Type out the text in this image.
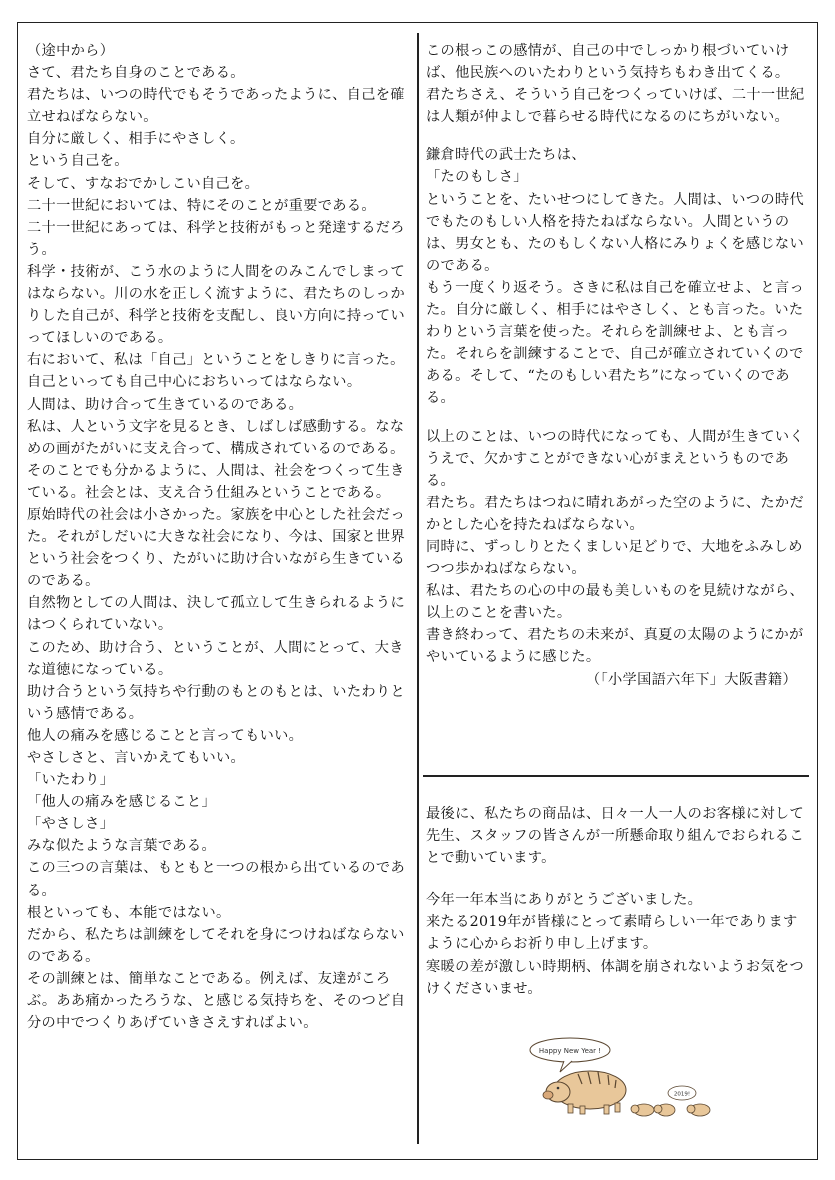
（途中から）

さて、君たち自身のことである。

君たちは、いつの時代でもそうであったように、自己を確立せねばならない。

自分に厳しく、相手にやさしく。

という自己を。

そして、すなおでかしこい自己を。

二十一世紀においては、特にそのことが重要である。

二十一世紀にあっては、科学と技術がもっと発達するだろう。

科学・技術が、こう水のように人間をのみこんでしまってはならない。川の水を正しく流すように、君たちのしっかりした自己が、科学と技術を支配し、良い方向に持っていってほしいのである。

右において、私は「自己」ということをしきりに言った。

自己といっても自己中心におちいってはならない。

人間は、助け合って生きているのである。

私は、人という文字を見るとき、しばしば感動する。ななめの画がたがいに支え合って、構成されているのである。

そのことでも分かるように、人間は、社会をつくって生きている。社会とは、支え合う仕組みということである。

原始時代の社会は小さかった。家族を中心とした社会だった。それがしだいに大きな社会になり、今は、国家と世界という社会をつくり、たがいに助け合いながら生きているのである。

自然物としての人間は、決して孤立して生きられるようにはつくられていない。

このため、助け合う、ということが、人間にとって、大きな道徳になっている。

助け合うという気持ちや行動のもとのもとは、いたわりという感情である。

他人の痛みを感じることと言ってもいい。

やさしさと、言いかえてもいい。

「いたわり」

「他人の痛みを感じること」

「やさしさ」

みな似たような言葉である。

この三つの言葉は、もともと一つの根から出ているのである。

根といっても、本能ではない。

だから、私たちは訓練をしてそれを身につけねばならないのである。

その訓練とは、簡単なことである。例えば、友達がころぶ。ああ痛かったろうな、と感じる気持ちを、そのつど自分の中でつくりあげていきさえすればよい。

この根っこの感情が、自己の中でしっかり根づいていけば、他民族へのいたわりという気持ちもわき出てくる。

君たちさえ、そういう自己をつくっていけば、二十一世紀は人類が仲よしで暮らせる時代になるのにちがいない。

鎌倉時代の武士たちは、

「たのもしさ」

ということを、たいせつにしてきた。人間は、いつの時代でもたのもしい人格を持たねばならない。人間というのは、男女とも、たのもしくない人格にみりょくを感じないのである。

もう一度くり返そう。さきに私は自己を確立せよ、と言った。自分に厳しく、相手にはやさしく、とも言った。いたわりという言葉を使った。それらを訓練せよ、とも言った。それらを訓練することで、自己が確立されていくのである。そして、“たのもしい君たち”になっていくのである。

以上のことは、いつの時代になっても、人間が生きていくうえで、欠かすことができない心がまえというものである。

君たち。君たちはつねに晴れあがった空のように、たかだかとした心を持たねばならない。

同時に、ずっしりとたくましい足どりで、大地をふみしめつつ歩かねばならない。

私は、君たちの心の中の最も美しいものを見続けながら、以上のことを書いた。

書き終わって、君たちの未来が、真夏の太陽のようにかがやいているように感じた。

（「小学国語六年下」大阪書籍）

最後に、私たちの商品は、日々一人一人のお客様に対して先生、スタッフの皆さんが一所懸命取り組んでおられることで動いています。

今年一年本当にありがとうございました。

来たる2019年が皆様にとって素晴らしい一年でありますように心からお祈り申し上げます。

寒暖の差が激しい時期柄、体調を崩されないようお気をつけくださいませ。

Happy New Year !
2019!
